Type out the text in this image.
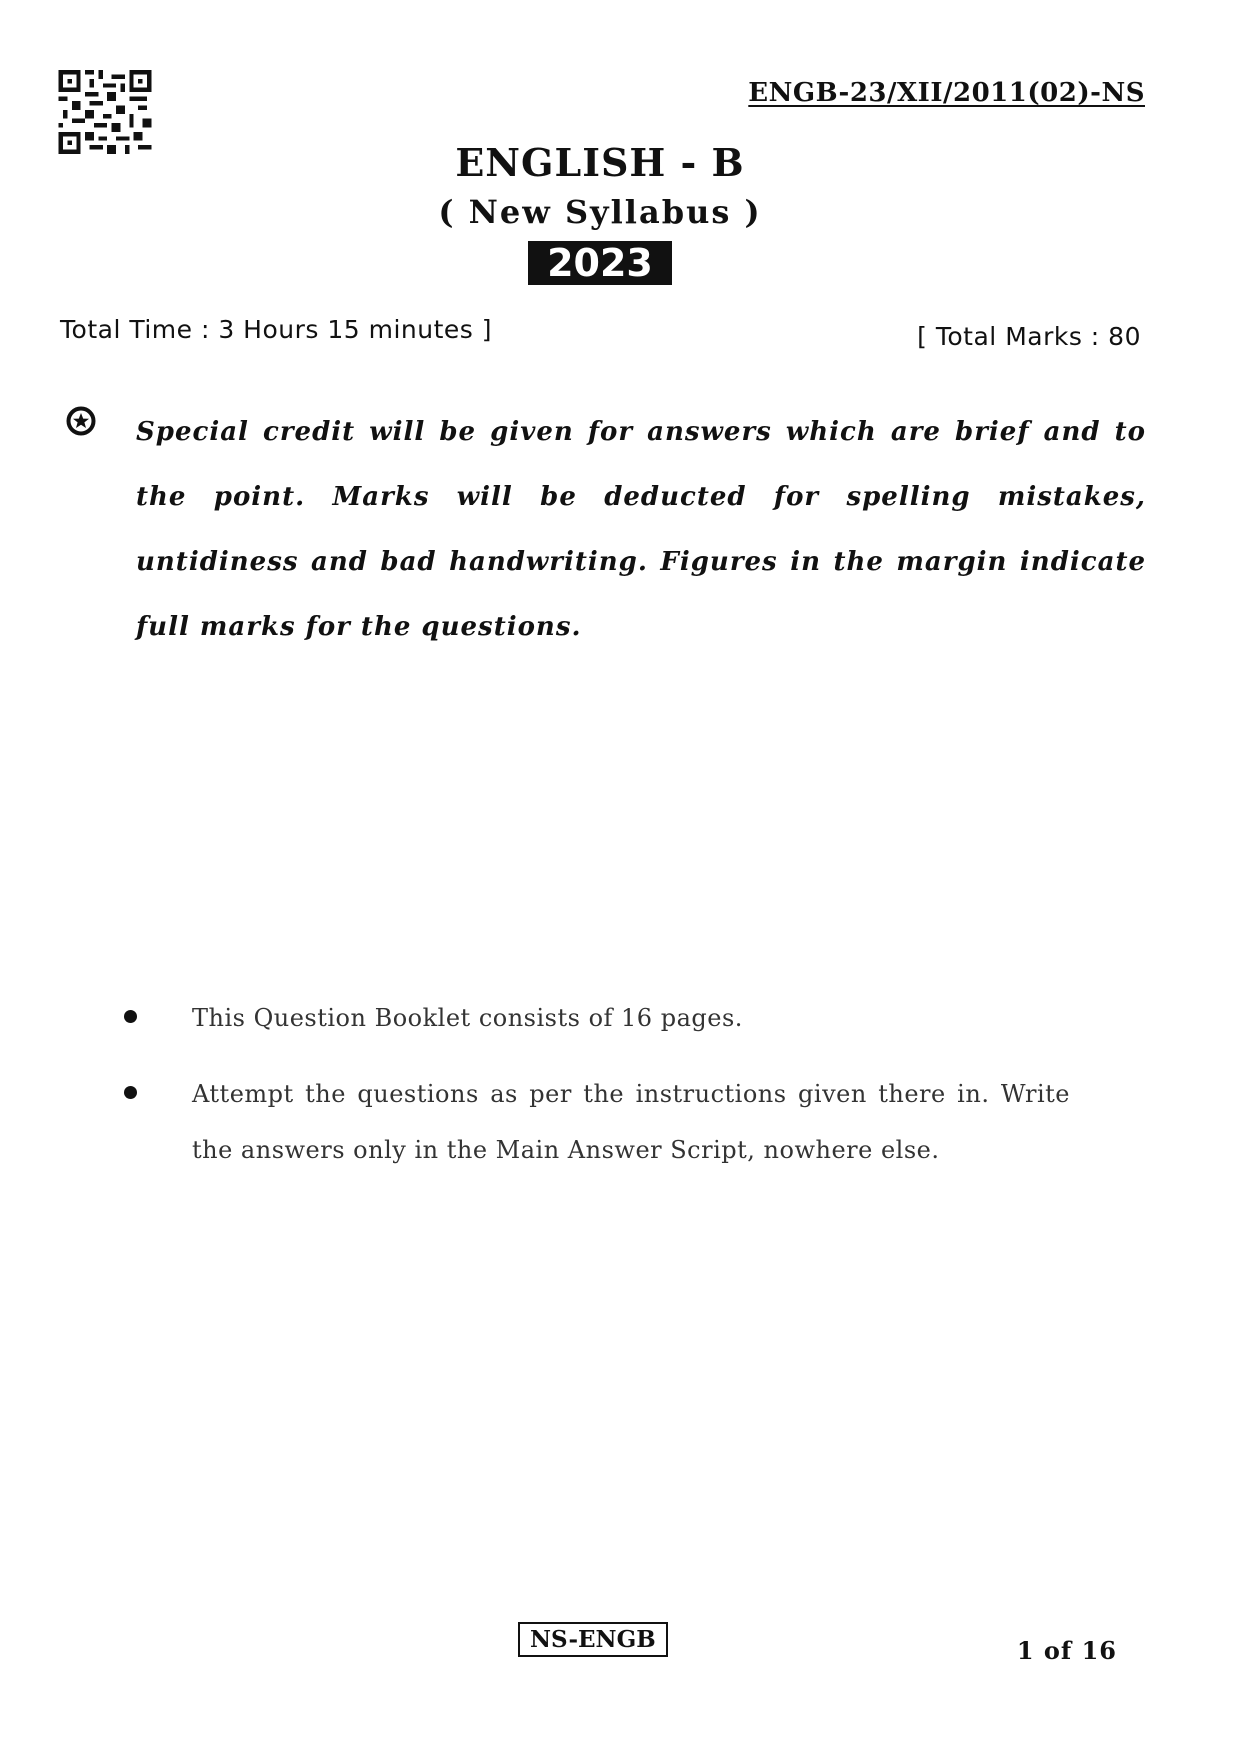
ENGB-23/XII/2011(02)-NS
ENGLISH - B
( New Syllabus )
2023
Total Time : 3 Hours 15 minutes ]	[ Total Marks : 80

Special credit will be given for answers which are brief and to the point. Marks will be deducted for spelling mistakes, untidiness and bad handwriting. Figures in the margin indicate full marks for the questions.

This Question Booklet consists of 16 pages.
Attempt the questions as per the instructions given there in. Write the answers only in the Main Answer Script, nowhere else.
NS-ENGB	1 of 16
